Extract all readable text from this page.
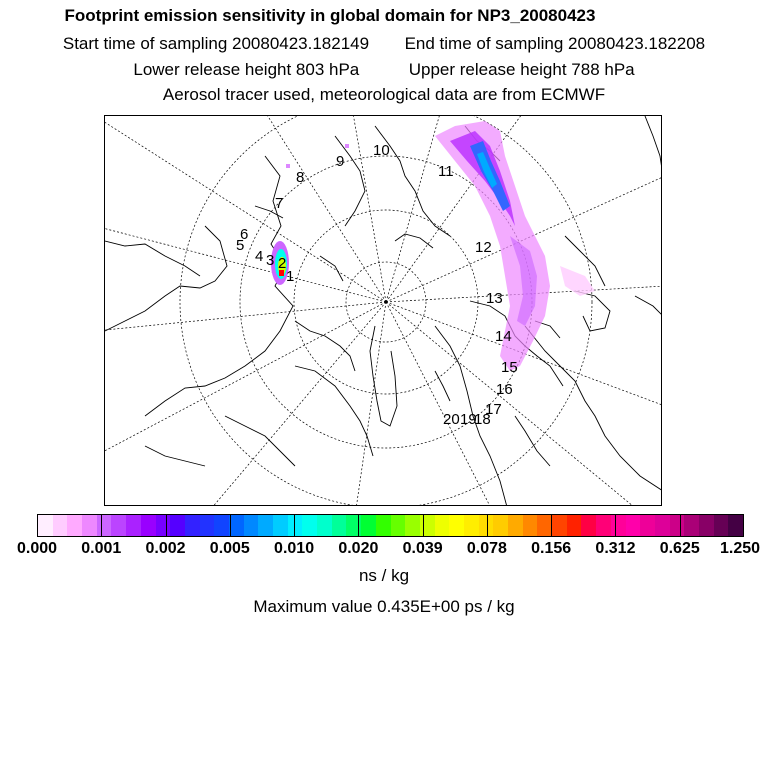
Footprint emission sensitivity in global domain for NP3_20080423
Start time of sampling 20080423.182149 End time of sampling 20080423.182208
Lower release height 803 hPa	Upper release height 788 hPa
Aerosol tracer used, meteorological data are from ECMWF
1
2
3
4
5
6
7
8
9
10
11
12
13
14
15
16
17
18
19
20
0.000 0.001 0.002 0.005 0.010 0.020 0.039 0.078 0.156 0.312 0.625 1.250
ns / kg
Maximum value 0.435E+00 ps / kg
